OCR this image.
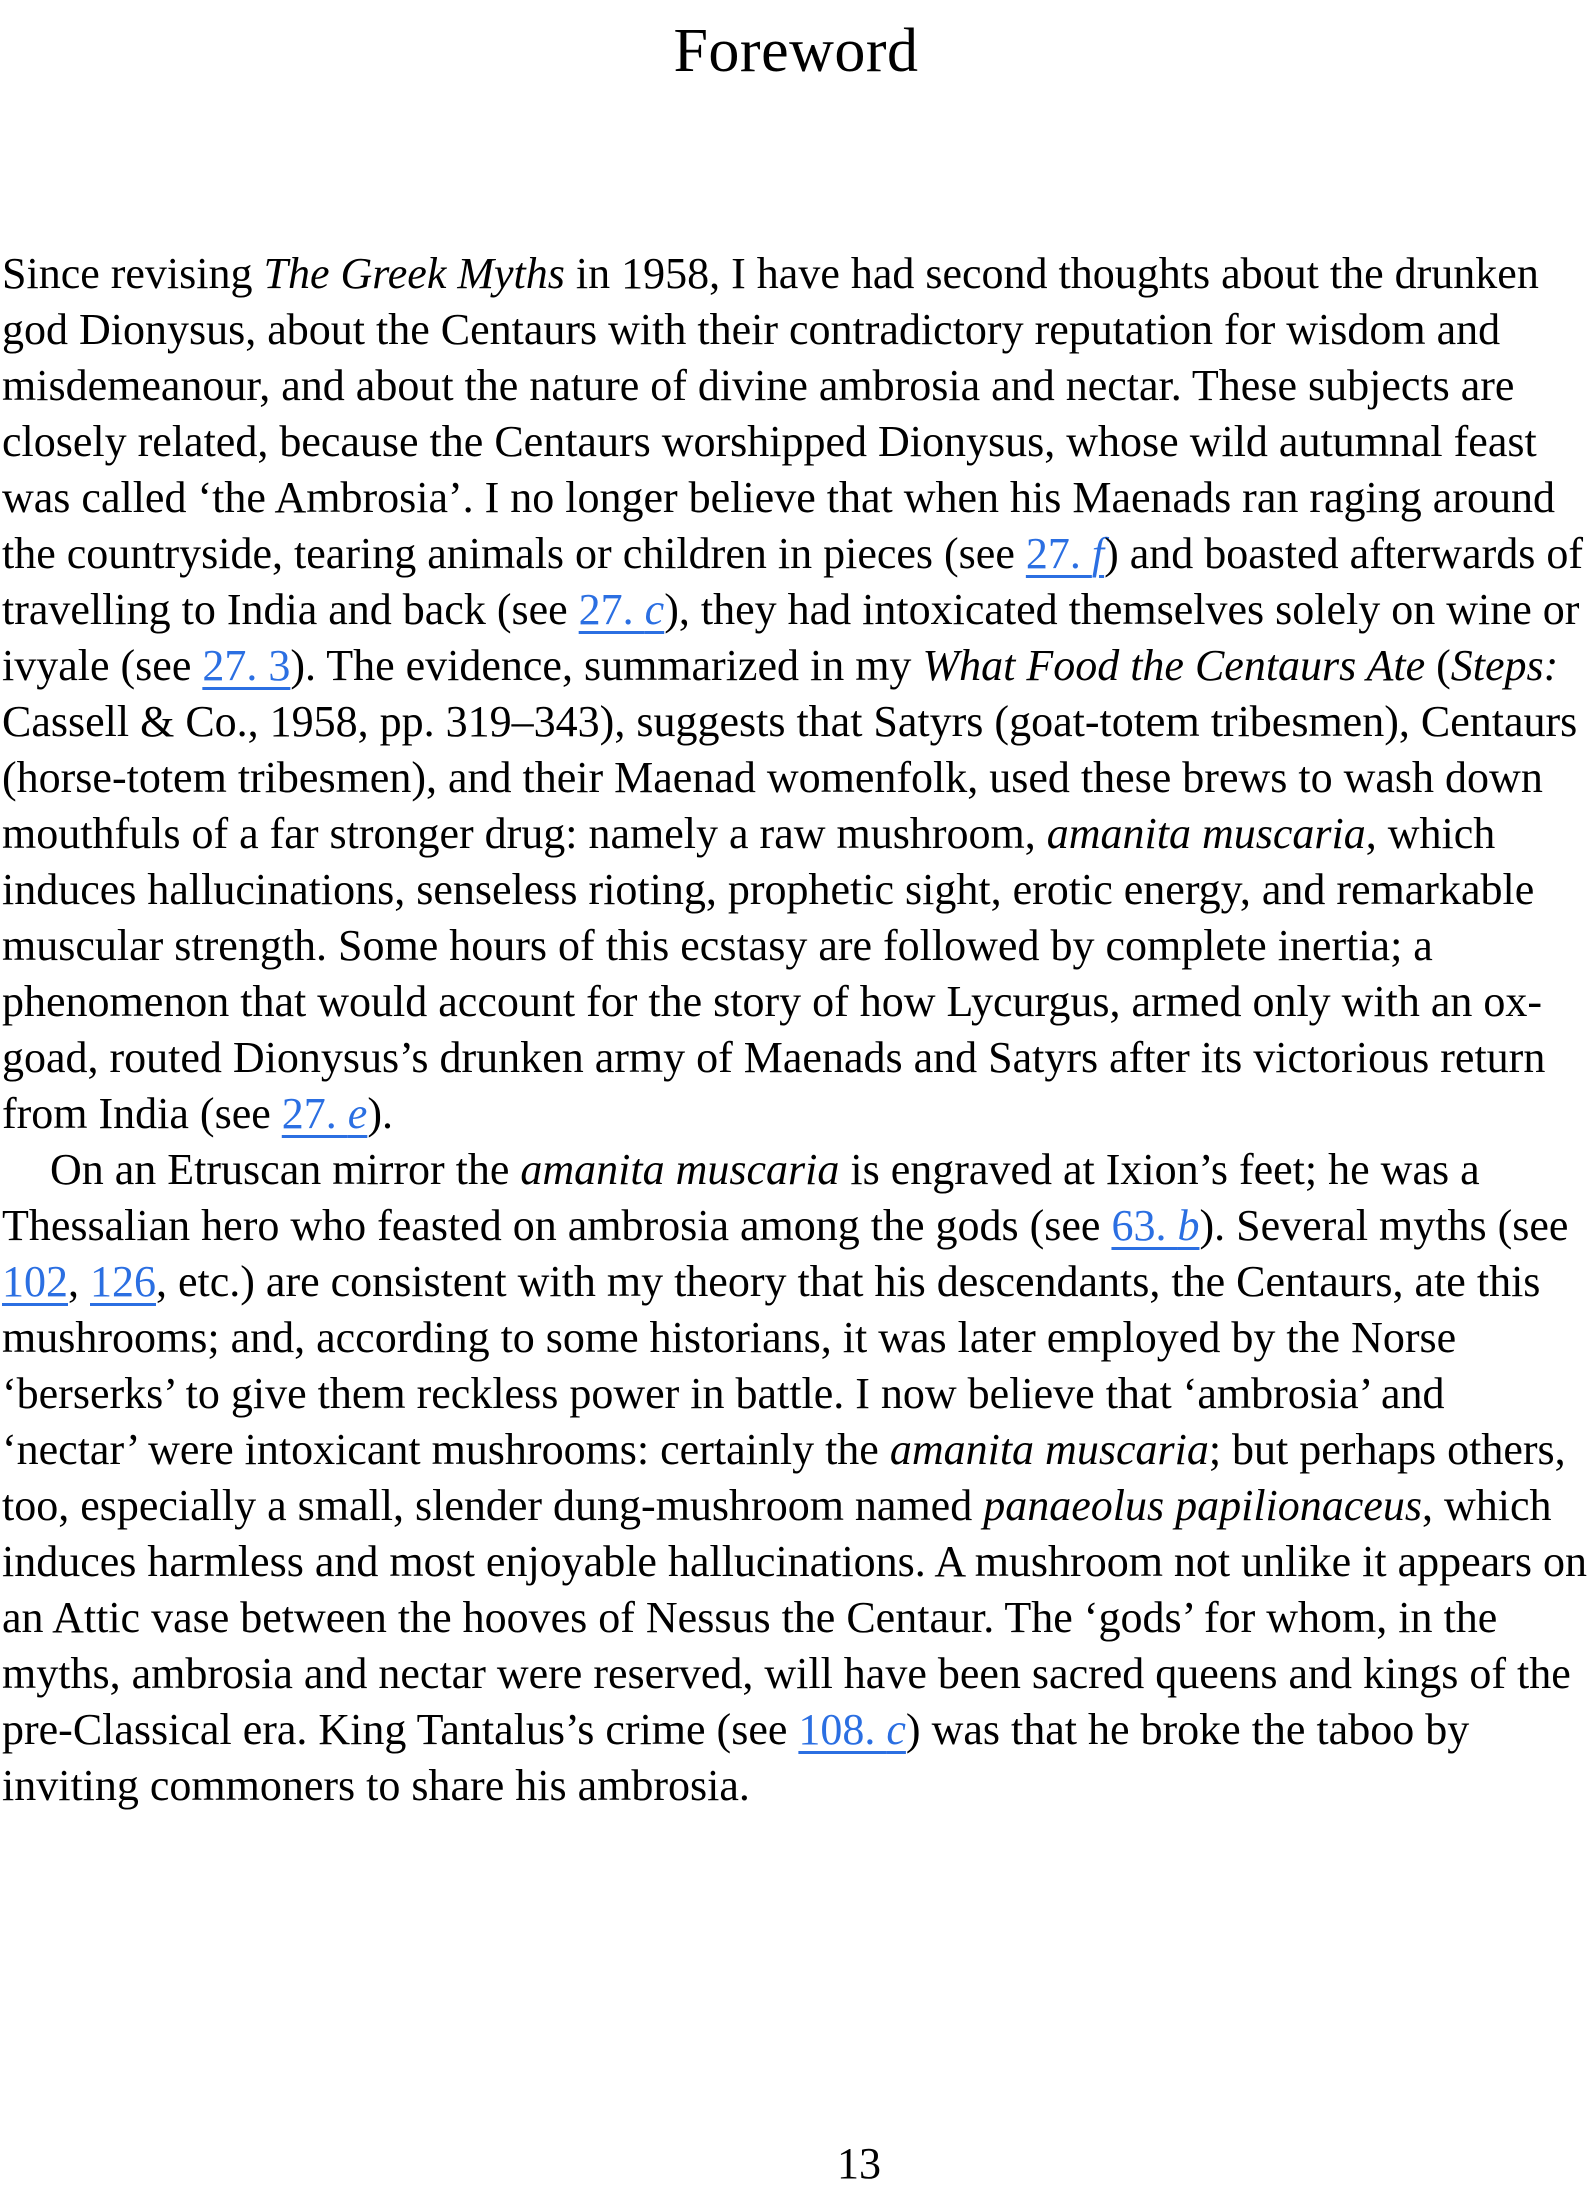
Foreword

Since revising The Greek Myths in 1958, I have had second thoughts about the drunken god Dionysus, about the Centaurs with their contradictory reputation for wisdom and misdemeanour, and about the nature of divine ambrosia and nectar. These subjects are closely related, because the Centaurs worshipped Dionysus, whose wild autumnal feast was called ‘the Ambrosia’. I no longer believe that when his Maenads ran raging around the countryside, tearing animals or children in pieces (see 27. f) and boasted afterwards of travelling to India and back (see 27. c), they had intoxicated themselves solely on wine or ivyale (see 27. 3). The evidence, summarized in my What Food the Centaurs Ate (Steps: Cassell & Co., 1958, pp. 319–343), suggests that Satyrs (goat-totem tribesmen), Centaurs (horse-totem tribesmen), and their Maenad womenfolk, used these brews to wash down mouthfuls of a far stronger drug: namely a raw mushroom, amanita muscaria, which induces hallucinations, senseless rioting, prophetic sight, erotic energy, and remarkable muscular strength. Some hours of this ecstasy are followed by complete inertia; a phenomenon that would account for the story of how Lycurgus, armed only with an ox-goad, routed Dionysus’s drunken army of Maenads and Satyrs after its victorious return from India (see 27. e).

On an Etruscan mirror the amanita muscaria is engraved at Ixion’s feet; he was a Thessalian hero who feasted on ambrosia among the gods (see 63. b). Several myths (see 102, 126, etc.) are consistent with my theory that his descendants, the Centaurs, ate this mushrooms; and, according to some historians, it was later employed by the Norse ‘berserks’ to give them reckless power in battle. I now believe that ‘ambrosia’ and ‘nectar’ were intoxicant mushrooms: certainly the amanita muscaria; but perhaps others, too, especially a small, slender dung-mushroom named panaeolus papilionaceus, which induces harmless and most enjoyable hallucinations. A mushroom not unlike it appears on an Attic vase between the hooves of Nessus the Centaur. The ‘gods’ for whom, in the myths, ambrosia and nectar were reserved, will have been sacred queens and kings of the pre-Classical era. King Tantalus’s crime (see 108. c) was that he broke the taboo by inviting commoners to share his ambrosia.

13
